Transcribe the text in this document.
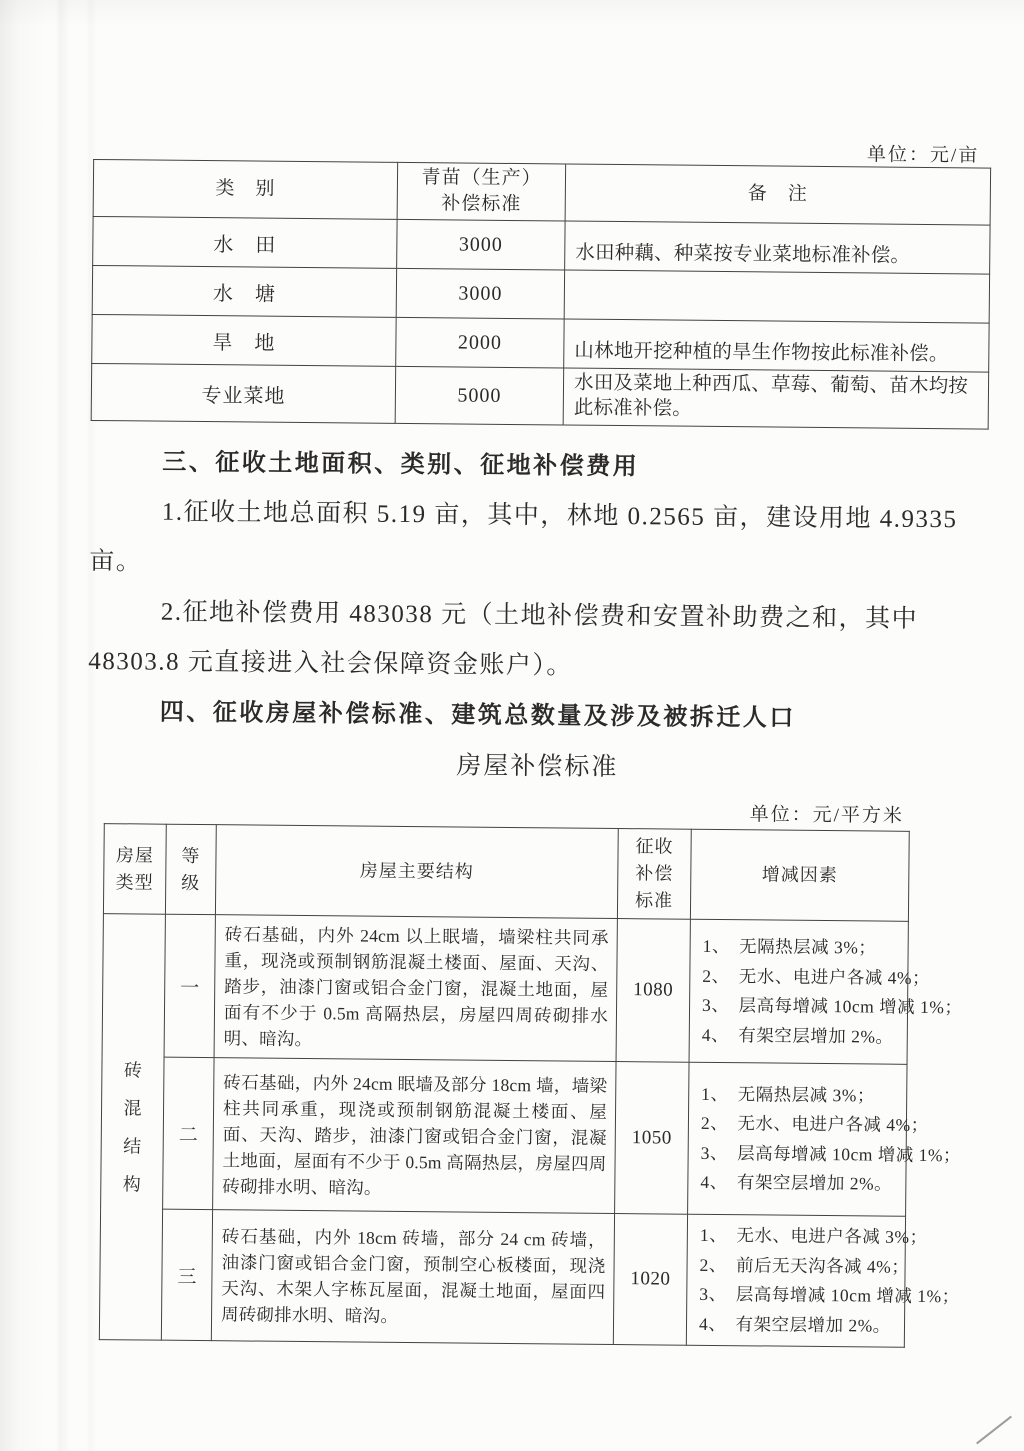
单位：元/亩
类　别	青苗（生产）补偿标准	备　注
水　田	3000	水田种藕、种菜按专业菜地标准补偿。
水　塘	3000	
旱　地	2000	山林地开挖种植的旱生作物按此标准补偿。
专业菜地	5000	水田及菜地上种西瓜、草莓、葡萄、苗木均按此标准补偿。
三、征收土地面积、类别、征地补偿费用
1.征收土地总面积 5.19 亩，其中，林地 0.2565 亩，建设用地 4.9335
亩。
2.征地补偿费用 483038 元（土地补偿费和安置补助费之和，其中
48303.8 元直接进入社会保障资金账户）。
四、征收房屋补偿标准、建筑总数量及涉及被拆迁人口
房屋补偿标准
单位：元/平方米
房屋类型	等级	房屋主要结构	征收补偿标准	增减因素

砖混结构	一	砖石基础，内外 24cm 以上眠墙，墙梁柱共同承重，现浇或预制钢筋混凝土楼面、屋面、天沟、踏步，油漆门窗或铝合金门窗，混凝土地面，屋面有不少于 0.5m 高隔热层，房屋四周砖砌排水明、暗沟。	1080	1、　无隔热层减 3%；
2、　无水、电进户各减 4%；
3、　层高每增减 10cm 增减 1%；
4、　有架空层增加 2%。

	二	砖石基础，内外 24cm 眠墙及部分 18cm 墙，墙梁柱共同承重，现浇或预制钢筋混凝土楼面、屋面、天沟、踏步，油漆门窗或铝合金门窗，混凝土地面，屋面有不少于 0.5m 高隔热层，房屋四周砖砌排水明、暗沟。	1050	1、　无隔热层减 3%；
2、　无水、电进户各减 4%；
3、　层高每增减 10cm 增减 1%；
4、　有架空层增加 2%。

	三	砖石基础，内外 18cm 砖墙，部分 24 cm 砖墙，油漆门窗或铝合金门窗，预制空心板楼面，现浇天沟、木架人字栋瓦屋面，混凝土地面，屋面四周砖砌排水明、暗沟。	1020	1、　无水、电进户各减 3%；
2、　前后无天沟各减 4%；
3、　层高每增减 10cm 增减 1%；
4、　有架空层增加 2%。
